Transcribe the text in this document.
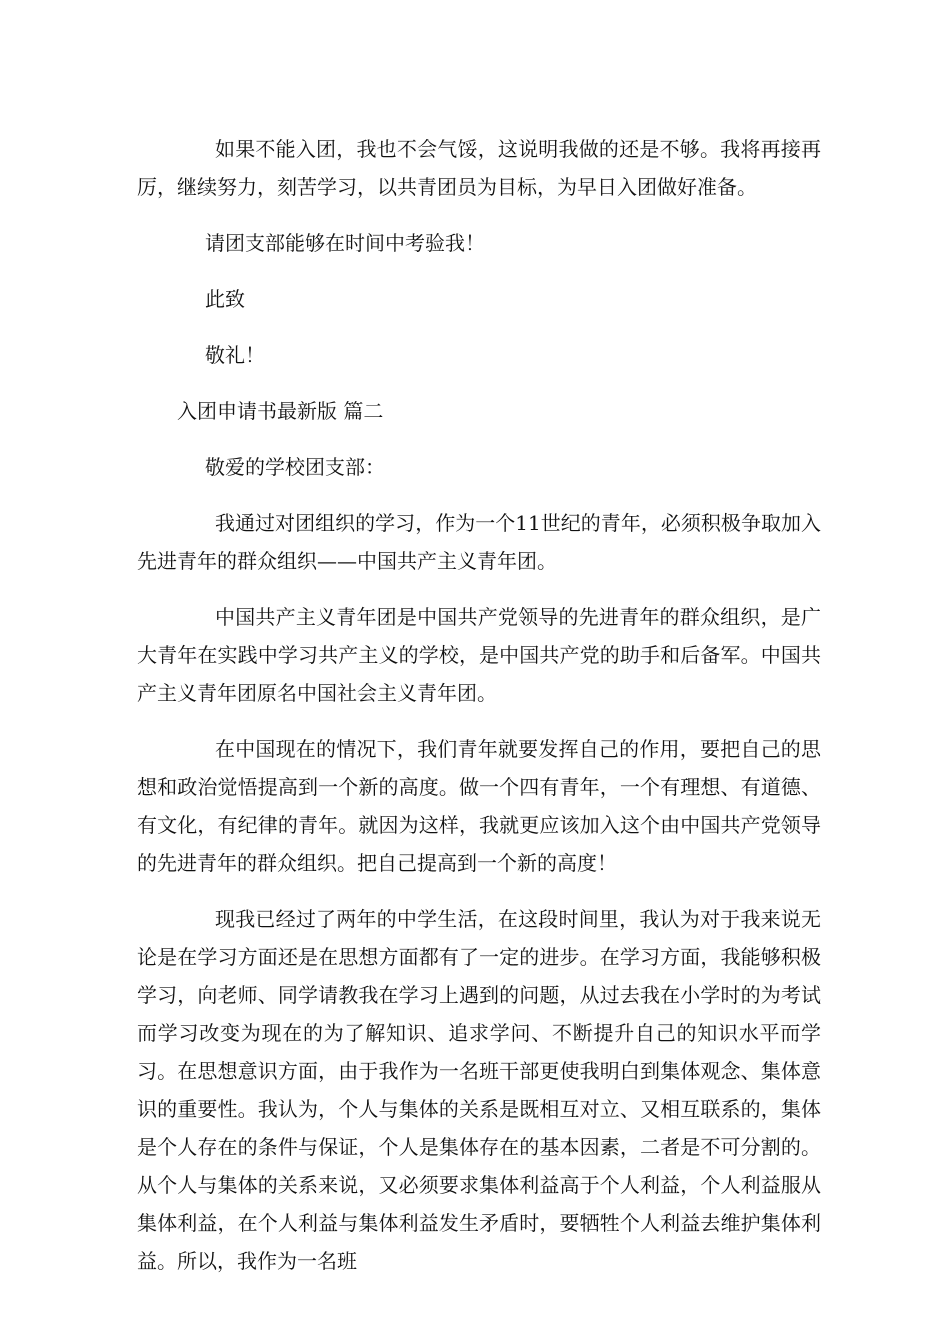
如果不能入团，我也不会气馁，这说明我做的还是不够。我将再接再厉，继续努力，刻苦学习，以共青团员为目标，为早日入团做好准备。

请团支部能够在时间中考验我！

此致

敬礼！

入团申请书最新版 篇二

敬爱的学校团支部：

我通过对团组织的学习，作为一个11世纪的青年，必须积极争取加入先进青年的群众组织——中国共产主义青年团。

中国共产主义青年团是中国共产党领导的先进青年的群众组织，是广大青年在实践中学习共产主义的学校，是中国共产党的助手和后备军。中国共产主义青年团原名中国社会主义青年团。

在中国现在的情况下，我们青年就要发挥自己的作用，要把自己的思想和政治觉悟提高到一个新的高度。做一个四有青年，一个有理想、有道德、有文化，有纪律的青年。就因为这样，我就更应该加入这个由中国共产党领导的先进青年的群众组织。把自己提高到一个新的高度！

现我已经过了两年的中学生活，在这段时间里，我认为对于我来说无论是在学习方面还是在思想方面都有了一定的进步。在学习方面，我能够积极学习，向老师、同学请教我在学习上遇到的问题，从过去我在小学时的为考试而学习改变为现在的为了解知识、追求学问、不断提升自己的知识水平而学习。在思想意识方面，由于我作为一名班干部更使我明白到集体观念、集体意识的重要性。我认为，个人与集体的关系是既相互对立、又相互联系的，集体是个人存在的条件与保证，个人是集体存在的基本因素，二者是不可分割的。从个人与集体的关系来说，又必须要求集体利益高于个人利益，个人利益服从集体利益，在个人利益与集体利益发生矛盾时，要牺牲个人利益去维护集体利益。所以，我作为一名班
